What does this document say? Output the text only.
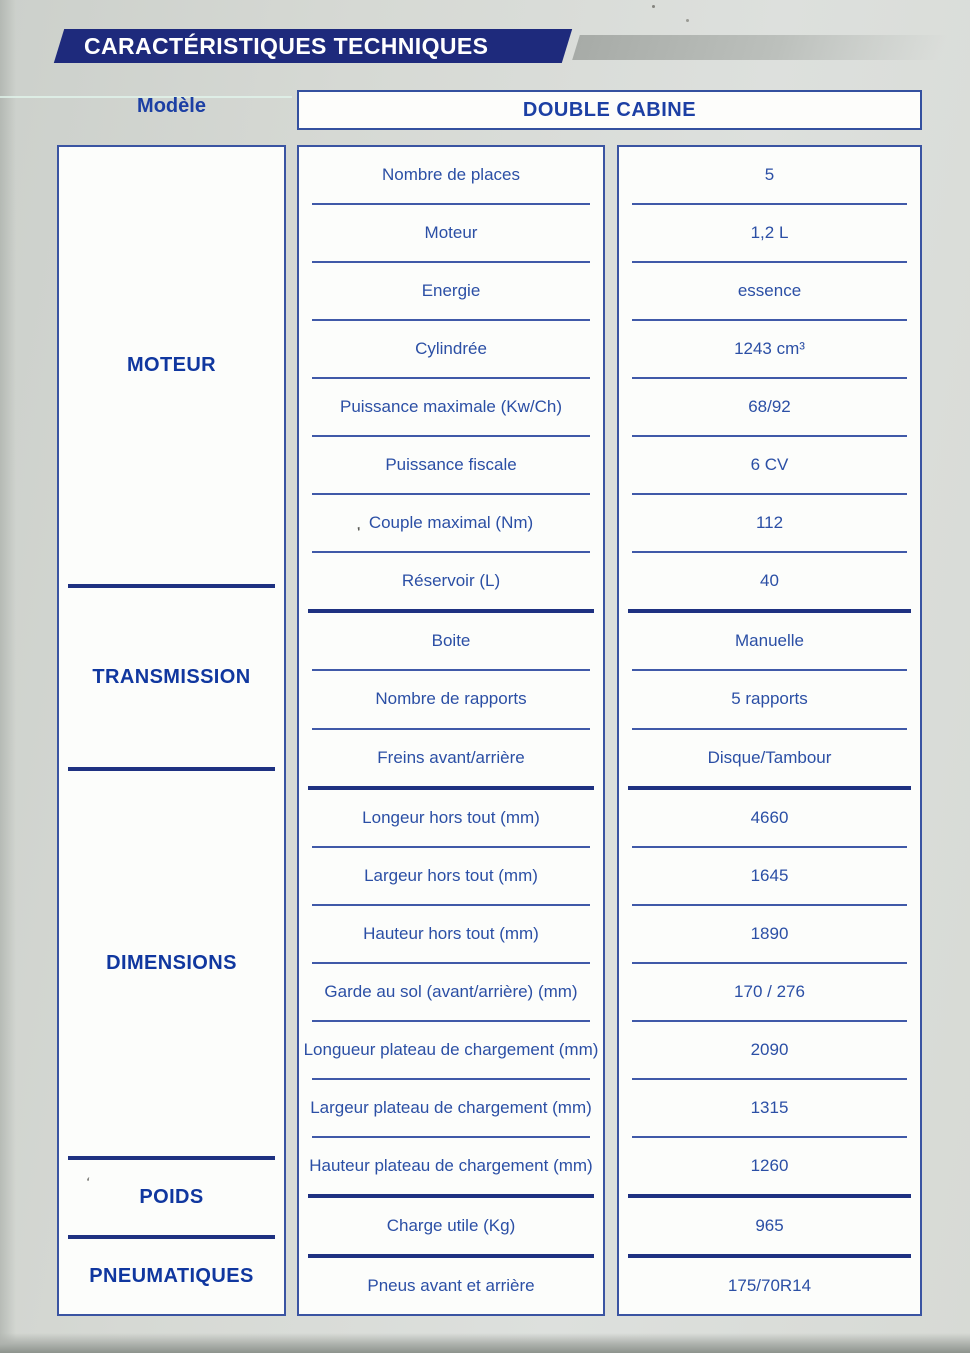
CARACTÉRISTIQUES TECHNIQUES
Modèle	DOUBLE CABINE
MOTEUR
TRANSMISSION
DIMENSIONS
POIDS
PNEUMATIQUES
Nombre de places
Moteur
Energie
Cylindrée
Puissance maximale (Kw/Ch)
Puissance fiscale
Couple maximal (Nm)
Réservoir (L)
Boite
Nombre de rapports
Freins avant/arrière
Longeur hors tout (mm)
Largeur hors tout (mm)
Hauteur hors tout (mm)
Garde au sol (avant/arrière) (mm)
Longueur plateau de chargement (mm)
Largeur plateau de chargement (mm)
Hauteur plateau de chargement (mm)
Charge utile (Kg)
Pneus avant et arrière
5
1,2 L
essence
1243 cm³
68/92
6 CV
112
40
Manuelle
5 rapports
Disque/Tambour
4660
1645
1890
170 / 276
2090
1315
1260
965
175/70R14
′
‘
